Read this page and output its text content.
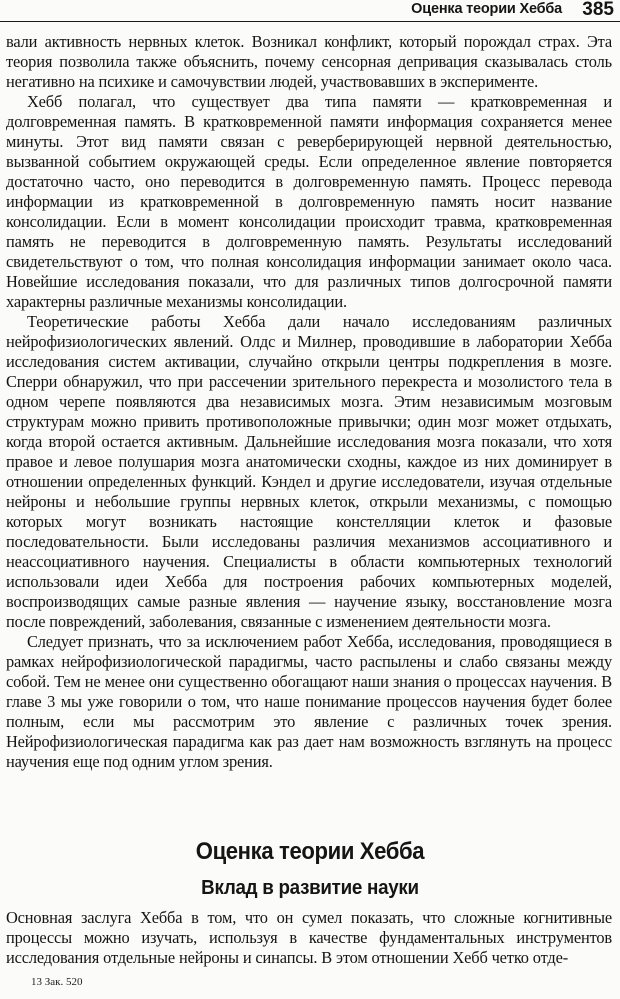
Оценка теории Хебба 385

вали активность нервных клеток. Возникал конфликт, который порождал страх. Эта теория позволила также объяснить, почему сенсорная депривация сказывалась столь негативно на психике и самочувствии людей, участвовавших в эксперименте.

Хебб полагал, что существует два типа памяти — кратковременная и долговременная память. В кратковременной памяти информация сохраняется менее минуты. Этот вид памяти связан с реверберирующей нервной деятельностью, вызванной событием окружающей среды. Если определенное явление повторяется достаточно часто, оно переводится в долговременную память. Процесс перевода информации из кратковременной в долговременную память носит название консолидации. Если в момент консолидации происходит травма, кратковременная память не переводится в долговременную память. Результаты исследований свидетельствуют о том, что полная консолидация информации занимает около часа. Новейшие исследования показали, что для различных типов долгосрочной памяти характерны различные механизмы консолидации.

Теоретические работы Хебба дали начало исследованиям различных нейрофизиологических явлений. Олдс и Милнер, проводившие в лаборатории Хебба исследования систем активации, случайно открыли центры подкрепления в мозге. Сперри обнаружил, что при рассечении зрительного перекреста и мозолистого тела в одном черепе появляются два независимых мозга. Этим независимым мозговым структурам можно привить противоположные привычки; один мозг может отдыхать, когда второй остается активным. Дальнейшие исследования мозга показали, что хотя правое и левое полушария мозга анатомически сходны, каждое из них доминирует в отношении определенных функций. Кэндел и другие исследователи, изучая отдельные нейроны и небольшие группы нервных клеток, открыли механизмы, с помощью которых могут возникать настоящие констелляции клеток и фазовые последовательности. Были исследованы различия механизмов ассоциативного и неассоциативного научения. Специалисты в области компьютерных технологий использовали идеи Хебба для построения рабочих компьютерных моделей, воспроизводящих самые разные явления — научение языку, восстановление мозга после повреждений, заболевания, связанные с изменением деятельности мозга.

Следует признать, что за исключением работ Хебба, исследования, проводящиеся в рамках нейрофизиологической парадигмы, часто распылены и слабо связаны между собой. Тем не менее они существенно обогащают наши знания о процессах научения. В главе 3 мы уже говорили о том, что наше понимание процессов научения будет более полным, если мы рассмотрим это явление с различных точек зрения. Нейрофизиологическая парадигма как раз дает нам возможность взглянуть на процесс научения еще под одним углом зрения.

Оценка теории Хебба
Вклад в развитие науки

Основная заслуга Хебба в том, что он сумел показать, что сложные когнитивные процессы можно изучать, используя в качестве фундаментальных инструментов исследования отдельные нейроны и синапсы. В этом отношении Хебб четко отде-

13 Зак. 520
